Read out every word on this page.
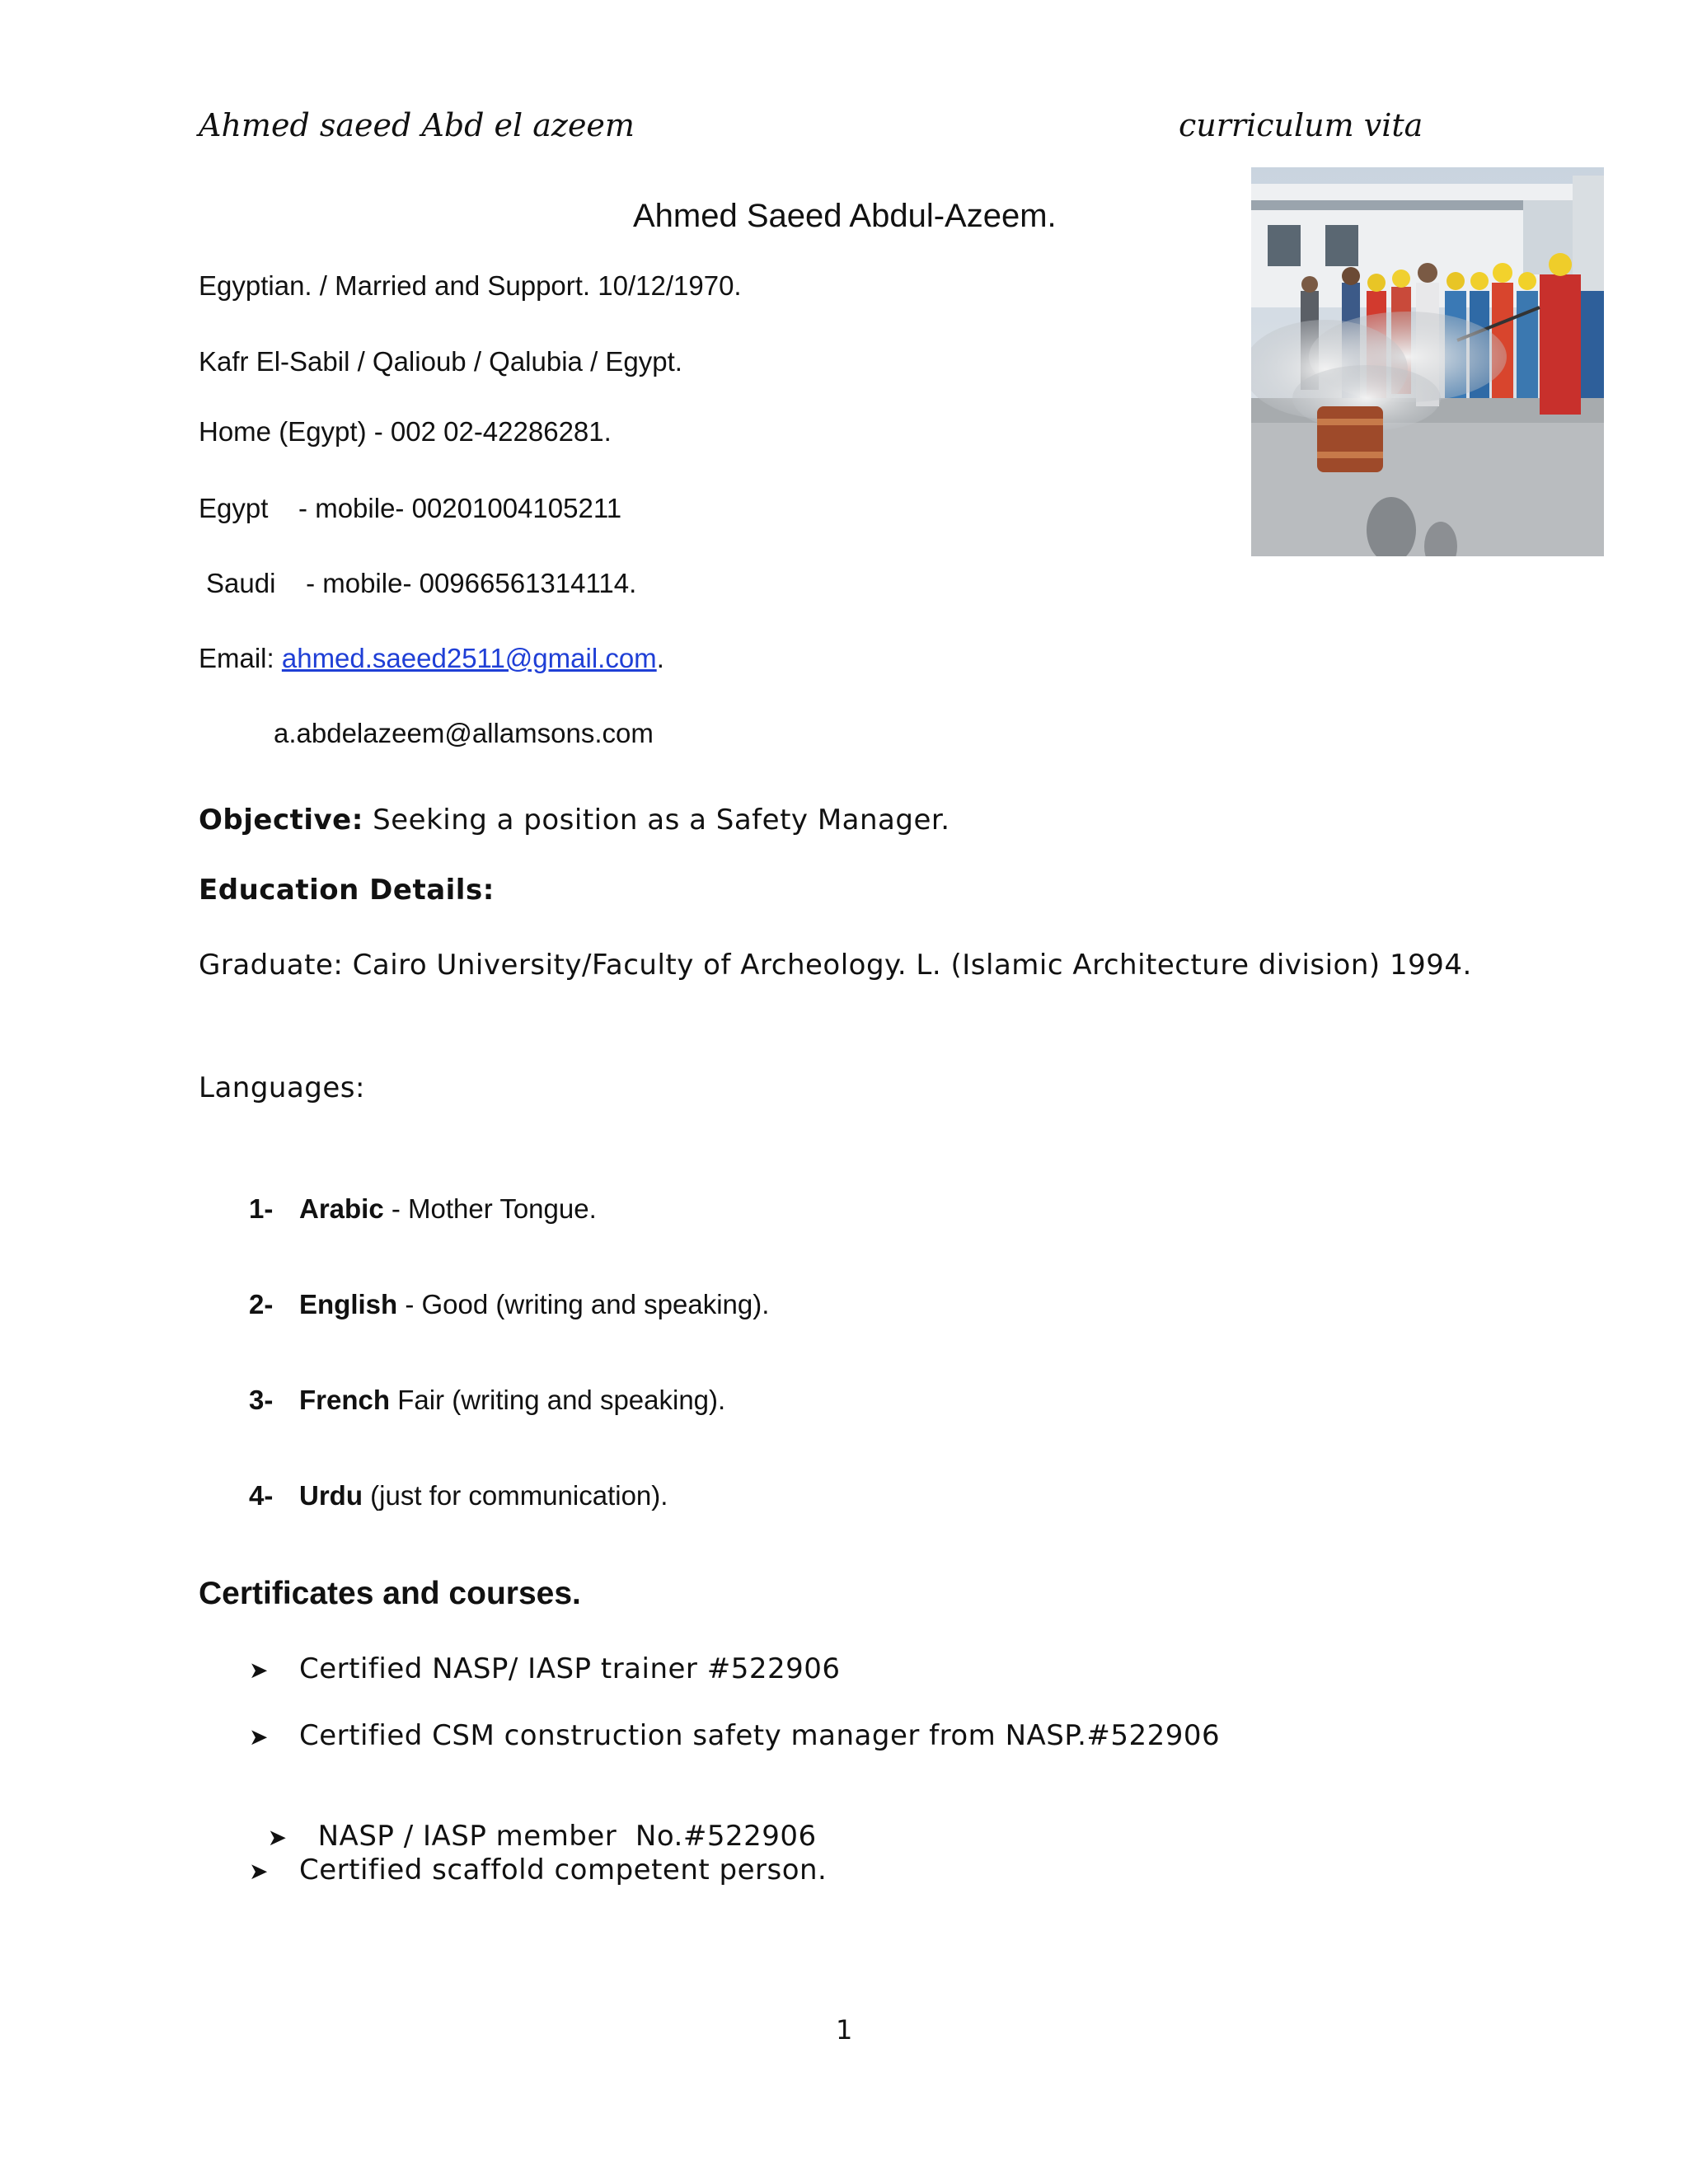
Ahmed saeed Abd el azeem	curriculum vita
Ahmed Saeed Abdul-Azeem.
Egyptian. / Married and Support. 10/12/1970.
Kafr El-Sabil / Qalioub / Qalubia / Egypt.
Home (Egypt) - 002 02-42286281.
Egypt    - mobile- 00201004105211
Saudi    - mobile- 00966561314114.
Email: ahmed.saeed2511@gmail.com.
a.abdelazeem@allamsons.com
Objective: Seeking a position as a Safety Manager.
Education Details:
Graduate: Cairo University/Faculty of Archeology. L. (Islamic Architecture division) 1994.
Languages:
1- Arabic - Mother Tongue.
2- English - Good (writing and speaking).
3- French Fair (writing and speaking).
4- Urdu (just for communication).
Certificates and courses.
➤ Certified NASP/ IASP trainer #522906
➤ Certified CSM construction safety manager from NASP.#522906

➤ NASP / IASP member  No.#522906

➤ Certified scaffold competent person.
1
